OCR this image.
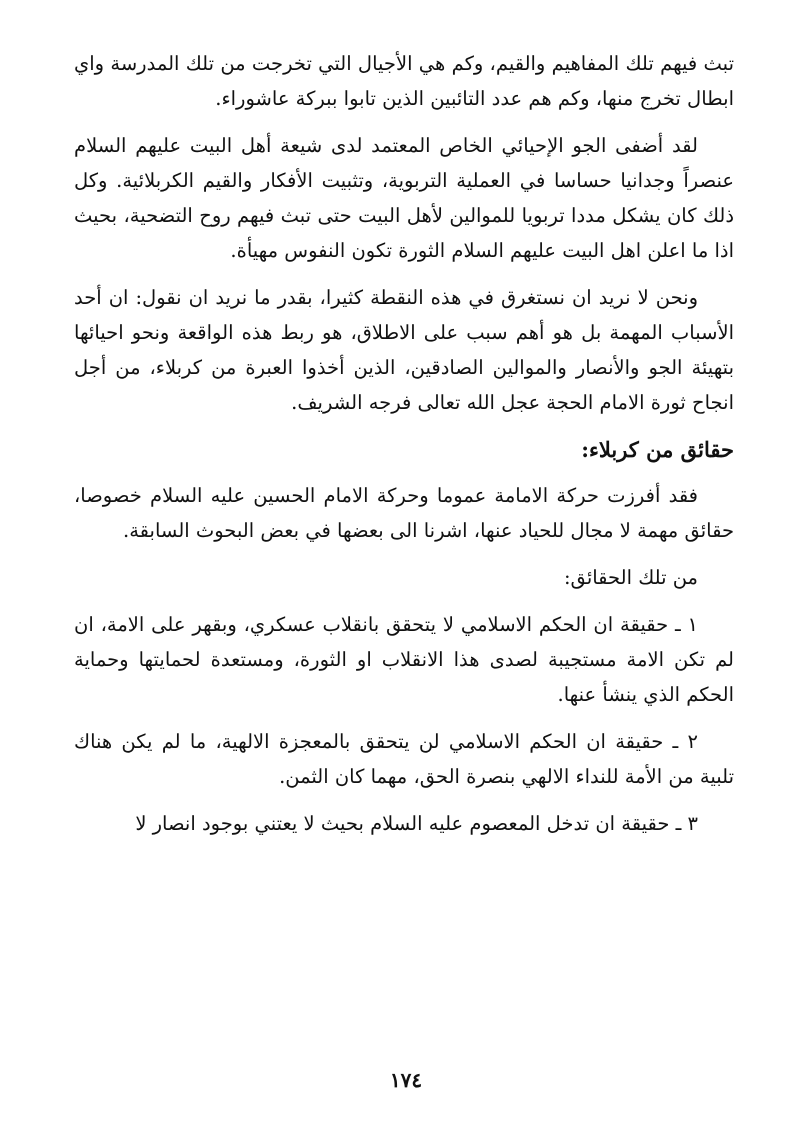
تبث فيهم تلك المفاهيم والقيم، وكم هي الأجيال التي تخرجت من تلك المدرسة واي ابطال تخرج منها، وكم هم عدد التائبين الذين تابوا ببركة عاشوراء.

لقد أضفى الجو الإحيائي الخاص المعتمد لدى شيعة أهل البيت عليهم السلام عنصراً وجدانيا حساسا في العملية التربوية، وتثبيت الأفكار والقيم الكربلائية. وكل ذلك كان يشكل مددا تربويا للموالين لأهل البيت حتى تبث فيهم روح التضحية، بحيث اذا ما اعلن اهل البيت عليهم السلام الثورة تكون النفوس مهيأة.

ونحن لا نريد ان نستغرق في هذه النقطة كثيرا، بقدر ما نريد ان نقول: ان أحد الأسباب المهمة بل هو أهم سبب على الاطلاق، هو ربط هذه الواقعة ونحو احيائها بتهيئة الجو والأنصار والموالين الصادقين، الذين أخذوا العبرة من كربلاء، من أجل انجاح ثورة الامام الحجة عجل الله تعالى فرجه الشريف.

حقائق من كربلاء:

فقد أفرزت حركة الامامة عموما وحركة الامام الحسين عليه السلام خصوصا، حقائق مهمة لا مجال للحياد عنها، اشرنا الى بعضها في بعض البحوث السابقة.

من تلك الحقائق:

١ ـ حقيقة ان الحكم الاسلامي لا يتحقق بانقلاب عسكري، وبقهر على الامة، ان لم تكن الامة مستجيبة لصدى هذا الانقلاب او الثورة، ومستعدة لحمايتها وحماية الحكم الذي ينشأ عنها.

٢ ـ حقيقة ان الحكم الاسلامي لن يتحقق بالمعجزة الالهية، ما لم يكن هناك تلبية من الأمة للنداء الالهي بنصرة الحق، مهما كان الثمن.

٣ ـ حقيقة ان تدخل المعصوم عليه السلام بحيث لا يعتني بوجود انصار لا

١٧٤
